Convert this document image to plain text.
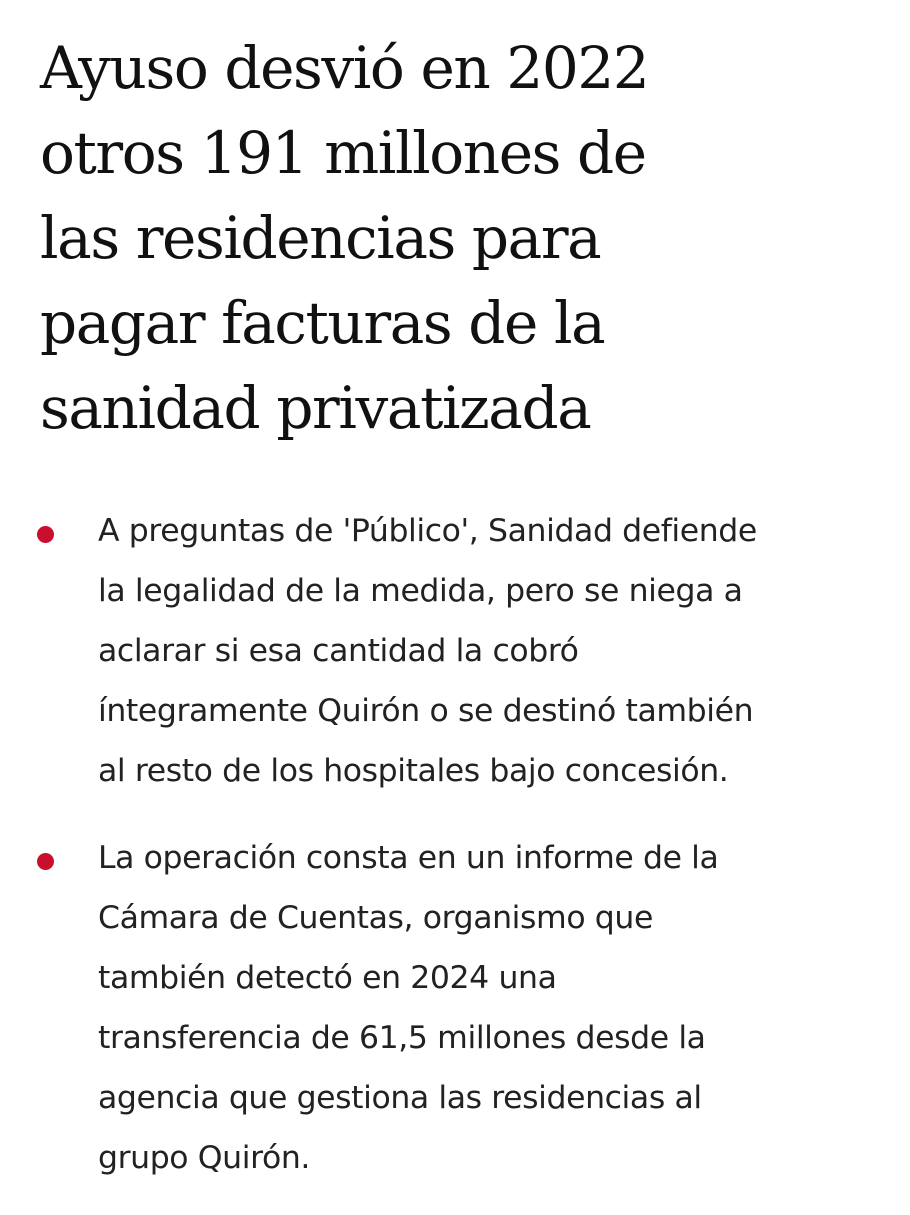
Ayuso desvió en 2022
otros 191 millones de
las residencias para
pagar facturas de la
sanidad privatizada
A preguntas de 'Público', Sanidad defiende
la legalidad de la medida, pero se niega a
aclarar si esa cantidad la cobró
íntegramente Quirón o se destinó también
al resto de los hospitales bajo concesión.
La operación consta en un informe de la
Cámara de Cuentas, organismo que
también detectó en 2024 una
transferencia de 61,5 millones desde la
agencia que gestiona las residencias al
grupo Quirón.
